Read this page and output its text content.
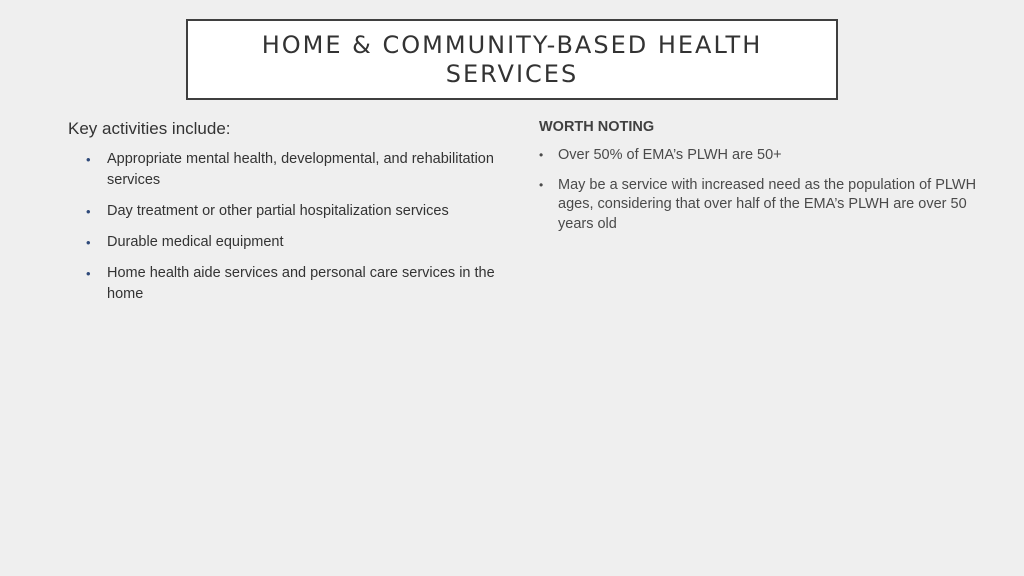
HOME & COMMUNITY-BASED HEALTH SERVICES
Key activities include:
• Appropriate mental health, developmental, and rehabilitation services
• Day treatment or other partial hospitalization services
• Durable medical equipment
• Home health aide services and personal care services in the home
WORTH NOTING
• Over 50% of EMA’s PLWH are 50+
• May be a service with increased need as the population of PLWH ages, considering that over half of the EMA’s PLWH are over 50 years old
